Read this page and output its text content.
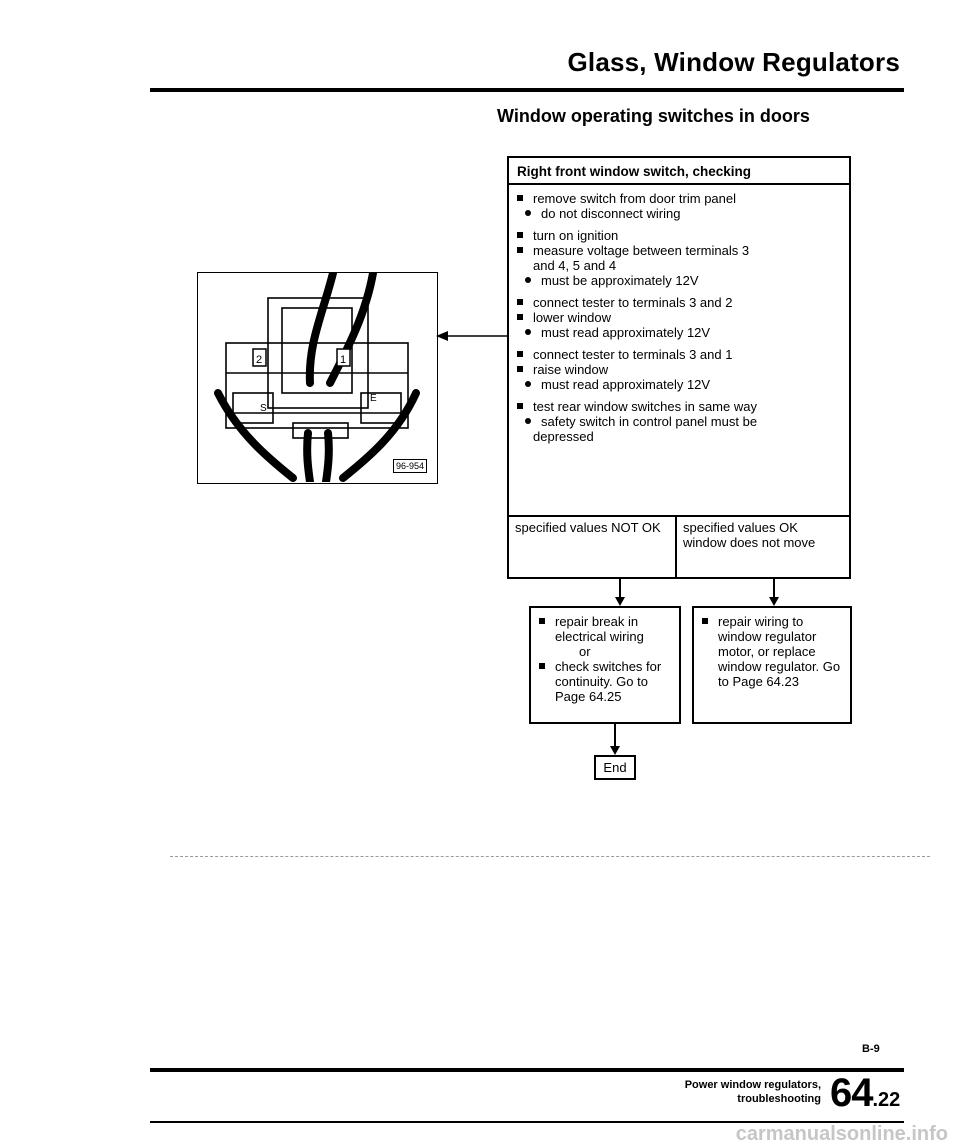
Glass, Window Regulators
Window operating switches in doors
2	1
S
E
96-954
Right front window switch, checking
remove switch from door trim panel
do not disconnect wiring
turn on ignition
measure voltage between terminals 3
and 4, 5 and 4
must be approximately 12V
connect tester to terminals 3 and 2
lower window
must read approximately 12V
connect tester to terminals 3 and 1
raise window
must read approximately 12V
test rear window switches in same way
safety switch in control panel must be
depressed
specified values NOT OK	specified values OK window does not move
repair break in electrical wiring
or
check switches for continuity. Go to Page 64.25
repair wiring to window regulator motor, or replace window regulator. Go to Page 64.23
End
B-9
Power window regulators,
troubleshooting 64.22
carmanualsonline.info
